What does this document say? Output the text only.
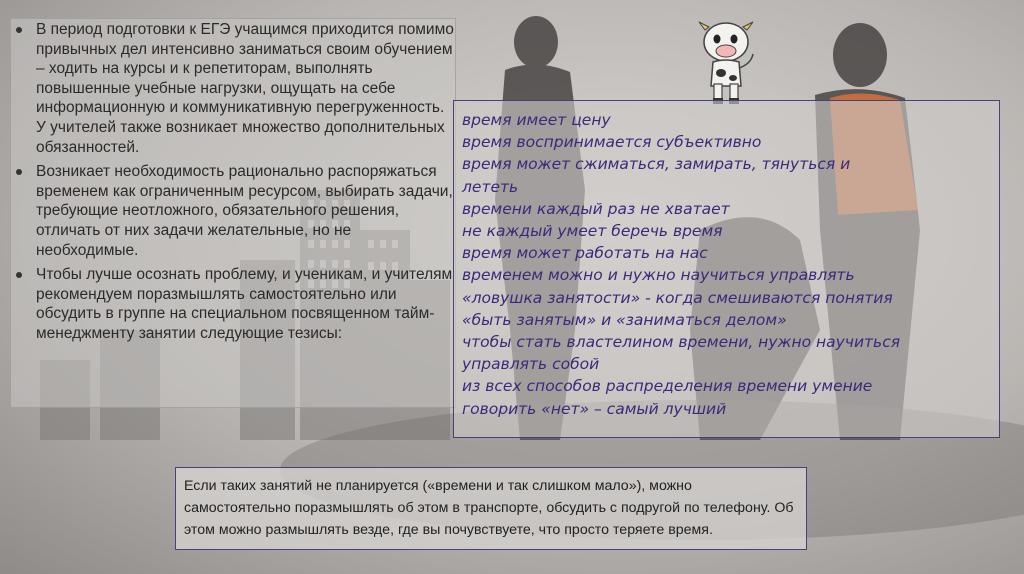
В период подготовки к ЕГЭ учащимся приходится помимо привычных дел интенсивно заниматься своим обучением – ходить на курсы и к репетиторам, выполнять повышенные учебные нагрузки, ощущать на себе информационную и коммуникативную перегруженность. У учителей также возникает множество дополнительных обязанностей.
Возникает необходимость рационально распоряжаться временем как ограниченным ресурсом, выбирать задачи, требующие неотложного, обязательного решения, отличать от них задачи желательные, но не необходимые.
Чтобы лучше осознать проблему, и ученикам, и учителям рекомендуем поразмышлять самостоятельно или обсудить в группе на специальном посвященном тайм-менеджменту занятии следующие тезисы:
время имеет цену
время воспринимается субъективно
время может сжиматься, замирать, тянуться и
лететь
времени каждый раз не хватает
не каждый умеет беречь время
время может работать на нас
временем можно и нужно научиться управлять
«ловушка занятости» - когда смешиваются понятия
«быть занятым» и «заниматься делом»
чтобы стать властелином времени, нужно научиться
управлять собой
из всех способов распределения времени умение
говорить «нет» – самый лучший
Если таких занятий не планируется («времени и так слишком мало»), можно самостоятельно поразмышлять об этом в транспорте, обсудить с подругой по телефону. Об этом можно размышлять везде, где вы почувствуете, что просто теряете время.
